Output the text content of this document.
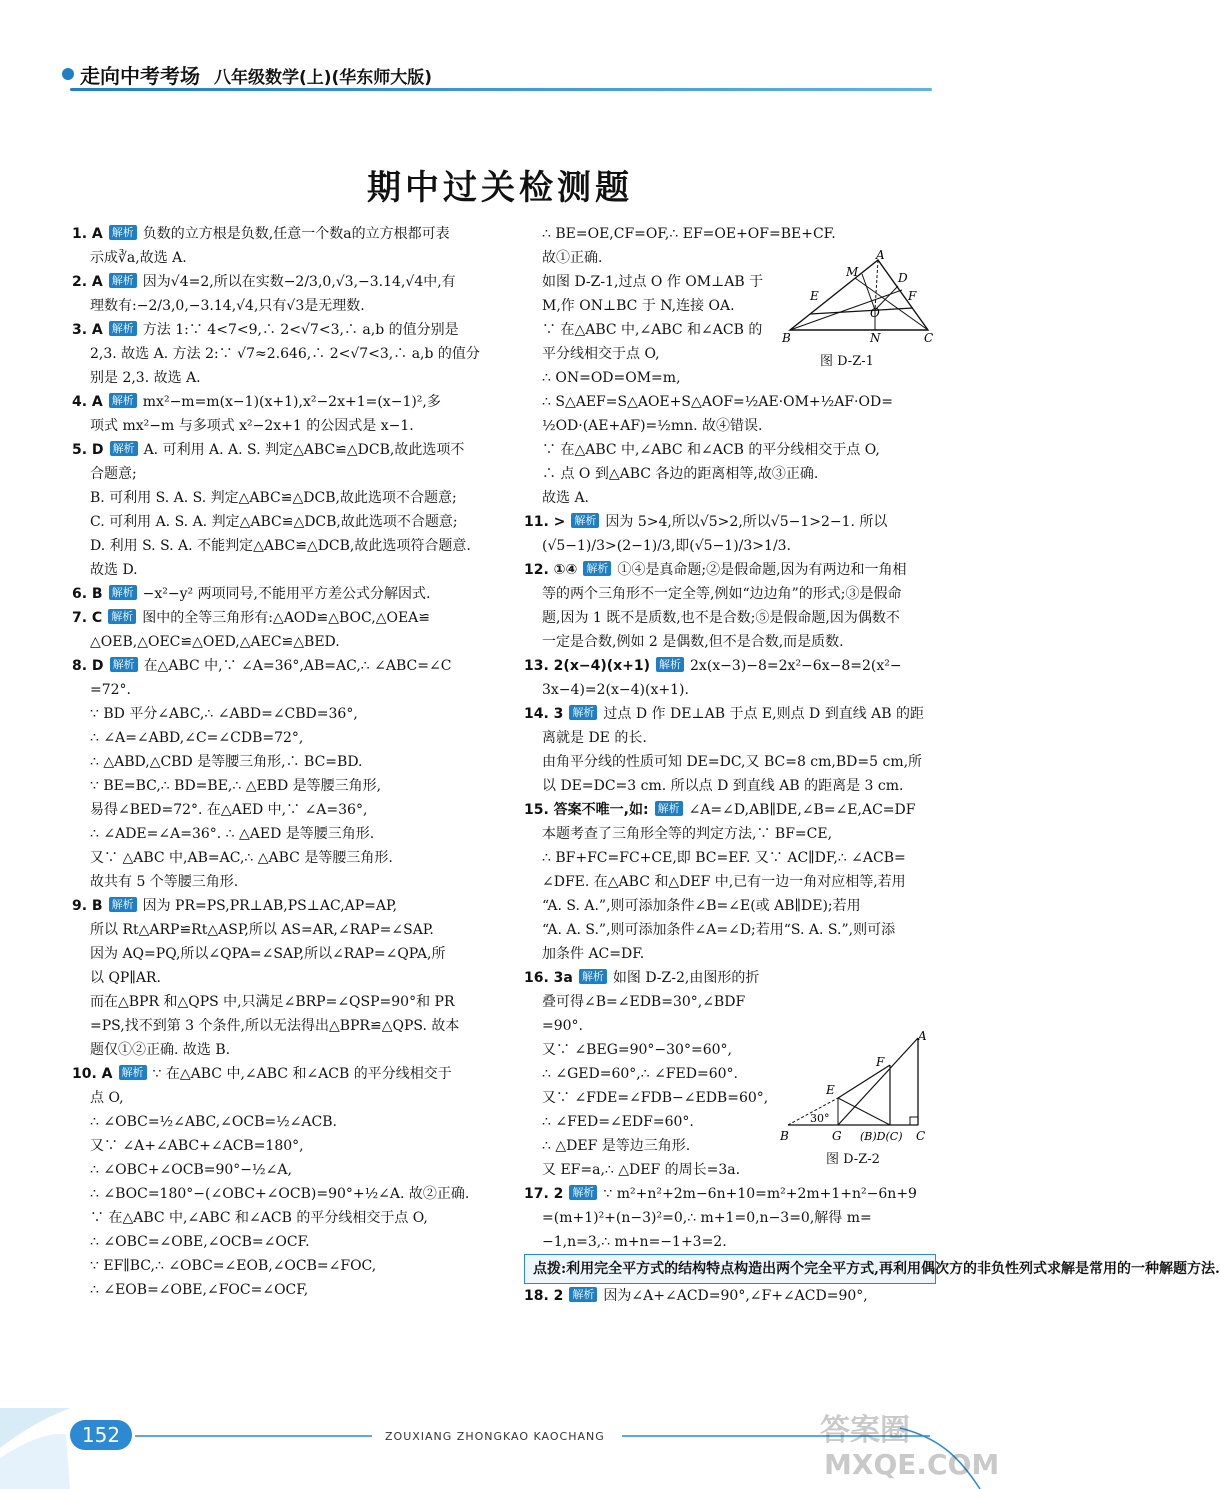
走向中考考场 八年级数学(上)(华东师大版)
期中过关检测题

1. A 解析 负数的立方根是负数,任意一个数a的立方根都可表

示成∛a,故选 A.

2. A 解析 因为√4=2,所以在实数−2/3,0,√3,−3.14,√4中,有

理数有:−2/3,0,−3.14,√4,只有√3是无理数.

3. A 解析 方法 1:∵ 4<7<9,∴ 2<√7<3,∴ a,b 的值分别是

2,3. 故选 A. 方法 2:∵ √7≈2.646,∴ 2<√7<3,∴ a,b 的值分

别是 2,3. 故选 A.

4. A 解析 mx²−m=m(x−1)(x+1),x²−2x+1=(x−1)²,多

项式 mx²−m 与多项式 x²−2x+1 的公因式是 x−1.

5. D 解析 A. 可利用 A. A. S. 判定△ABC≌△DCB,故此选项不

合题意;

B. 可利用 S. A. S. 判定△ABC≌△DCB,故此选项不合题意;

C. 可利用 A. S. A. 判定△ABC≌△DCB,故此选项不合题意;

D. 利用 S. S. A. 不能判定△ABC≌△DCB,故此选项符合题意.

故选 D.

6. B 解析 −x²−y² 两项同号,不能用平方差公式分解因式.

7. C 解析 图中的全等三角形有:△AOD≌△BOC,△OEA≌

△OEB,△OEC≌△OED,△AEC≌△BED.

8. D 解析 在△ABC 中,∵ ∠A=36°,AB=AC,∴ ∠ABC=∠C

=72°.

∵ BD 平分∠ABC,∴ ∠ABD=∠CBD=36°,

∴ ∠A=∠ABD,∠C=∠CDB=72°,

∴ △ABD,△CBD 是等腰三角形,∴ BC=BD.

∵ BE=BC,∴ BD=BE,∴ △EBD 是等腰三角形,

易得∠BED=72°. 在△AED 中,∵ ∠A=36°,

∴ ∠ADE=∠A=36°. ∴ △AED 是等腰三角形.

又∵ △ABC 中,AB=AC,∴ △ABC 是等腰三角形.

故共有 5 个等腰三角形.

9. B 解析 因为 PR=PS,PR⊥AB,PS⊥AC,AP=AP,

所以 Rt△ARP≌Rt△ASP,所以 AS=AR,∠RAP=∠SAP.

因为 AQ=PQ,所以∠QPA=∠SAP,所以∠RAP=∠QPA,所

以 QP∥AR.

而在△BPR 和△QPS 中,只满足∠BRP=∠QSP=90°和 PR

=PS,找不到第 3 个条件,所以无法得出△BPR≌△QPS. 故本

题仅①②正确. 故选 B.

10. A 解析 ∵ 在△ABC 中,∠ABC 和∠ACB 的平分线相交于

点 O,

∴ ∠OBC=½∠ABC,∠OCB=½∠ACB.

又∵ ∠A+∠ABC+∠ACB=180°,

∴ ∠OBC+∠OCB=90°−½∠A,

∴ ∠BOC=180°−(∠OBC+∠OCB)=90°+½∠A. 故②正确.

∵ 在△ABC 中,∠ABC 和∠ACB 的平分线相交于点 O,

∴ ∠OBC=∠OBE,∠OCB=∠OCF.

∵ EF∥BC,∴ ∠OBC=∠EOB,∠OCB=∠FOC,

∴ ∠EOB=∠OBE,∠FOC=∠OCF,

∴ BE=OE,CF=OF,∴ EF=OE+OF=BE+CF.

故①正确.

如图 D-Z-1,过点 O 作 OM⊥AB 于

M,作 ON⊥BC 于 N,连接 OA.

∵ 在△ABC 中,∠ABC 和∠ACB 的

平分线相交于点 O,

∴ ON=OD=OM=m,

∴ S△AEF=S△AOE+S△AOF=½AE·OM+½AF·OD=

½OD·(AE+AF)=½mn. 故④错误.

∵ 在△ABC 中,∠ABC 和∠ACB 的平分线相交于点 O,

∴ 点 O 到△ABC 各边的距离相等,故③正确.

故选 A.

11. > 解析 因为 5>4,所以√5>2,所以√5−1>2−1. 所以

(√5−1)/3>(2−1)/3,即(√5−1)/3>1/3.

12. ①④ 解析 ①④是真命题;②是假命题,因为有两边和一角相

等的两个三角形不一定全等,例如“边边角”的形式;③是假命

题,因为 1 既不是质数,也不是合数;⑤是假命题,因为偶数不

一定是合数,例如 2 是偶数,但不是合数,而是质数.

13. 2(x−4)(x+1) 解析 2x(x−3)−8=2x²−6x−8=2(x²−

3x−4)=2(x−4)(x+1).

14. 3 解析 过点 D 作 DE⊥AB 于点 E,则点 D 到直线 AB 的距

离就是 DE 的长.

由角平分线的性质可知 DE=DC,又 BC=8 cm,BD=5 cm,所

以 DE=DC=3 cm. 所以点 D 到直线 AB 的距离是 3 cm.

15. 答案不唯一,如: 解析 ∠A=∠D,AB∥DE,∠B=∠E,AC=DF

本题考查了三角形全等的判定方法,∵ BF=CE,

∴ BF+FC=FC+CE,即 BC=EF. 又∵ AC∥DF,∴ ∠ACB=

∠DFE. 在△ABC 和△DEF 中,已有一边一角对应相等,若用

“A. S. A.”,则可添加条件∠B=∠E(或 AB∥DE);若用

“A. A. S.”,则可添加条件∠A=∠D;若用“S. A. S.”,则可添

加条件 AC=DF.

16. 3a 解析 如图 D-Z-2,由图形的折

叠可得∠B=∠EDB=30°,∠BDF

=90°.

又∵ ∠BEG=90°−30°=60°,

∴ ∠GED=60°,∴ ∠FED=60°.

又∵ ∠FDE=∠FDB−∠EDB=60°,

∴ ∠FED=∠EDF=60°.

∴ △DEF 是等边三角形.

又 EF=a,∴ △DEF 的周长=3a.

17. 2 解析 ∵ m²+n²+2m−6n+10=m²+2m+1+n²−6n+9

=(m+1)²+(n−3)²=0,∴ m+1=0,n−3=0,解得 m=

−1,n=3,∴ m+n=−1+3=2.

点拨:利用完全平方式的结构特点构造出两个完全平方式,再利用偶次方的非负性列式求解是常用的一种解题方法.

18. 2 解析 因为∠A+∠ACD=90°,∠F+∠ACD=90°,

A
M	D
E	F
O
B	N	C
图 D-Z-1
A
F
E
30°
B	G (B)D(C) C
图 D-Z-2
152	ZOUXIANG ZHONGKAO KAOCHANG	答案圈
MXQE.COM
